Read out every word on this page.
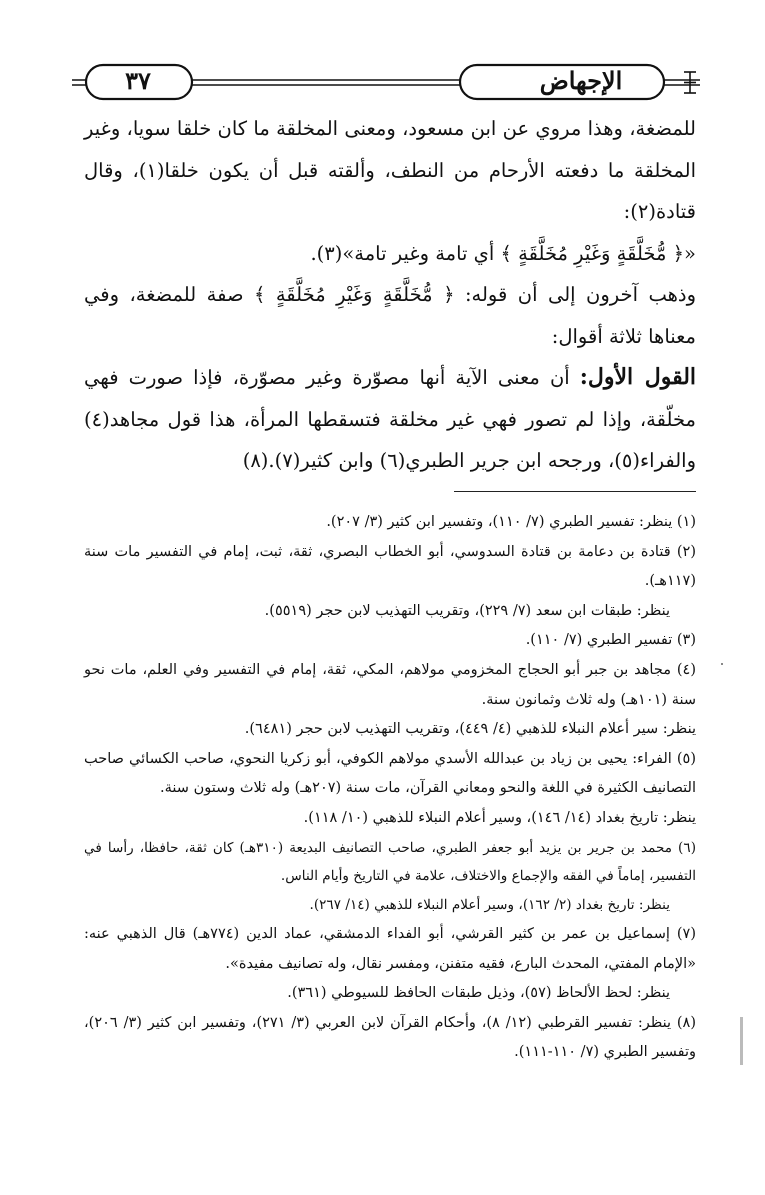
٣٧	الإجهاض

للمضغة، وهذا مروي عن ابن مسعود، ومعنى المخلقة ما كان خلقا سويا، وغير المخلقة ما دفعته الأرحام من النطف، وألقته قبل أن يكون خلقا(١)، وقال قتادة(٢):

«﴿ مُّخَلَّقَةٍ وَغَيْرِ مُخَلَّقَةٍ ﴾ أي تامة وغير تامة»(٣).

وذهب آخرون إلى أن قوله: ﴿ مُّخَلَّقَةٍ وَغَيْرِ مُخَلَّقَةٍ ﴾ صفة للمضغة، وفي معناها ثلاثة أقوال:

القول الأول: أن معنى الآية أنها مصوّرة وغير مصوّرة، فإذا صورت فهي مخلّقة، وإذا لم تصور فهي غير مخلقة فتسقطها المرأة، هذا قول مجاهد(٤) والفراء(٥)، ورجحه ابن جرير الطبري(٦) وابن كثير(٧).(٨)

(١) ينظر: تفسير الطبري (٧/ ١١٠)، وتفسير ابن كثير (٣/ ٢٠٧).

(٢) قتادة بن دعامة بن قتادة السدوسي، أبو الخطاب البصري، ثقة، ثبت، إمام في التفسير مات سنة (١١٧هـ).

ينظر: طبقات ابن سعد (٧/ ٢٢٩)، وتقريب التهذيب لابن حجر (٥٥١٩).

(٣) تفسير الطبري (٧/ ١١٠).

(٤) مجاهد بن جبر أبو الحجاج المخزومي مولاهم، المكي، ثقة، إمام في التفسير وفي العلم، مات نحو سنة (١٠١هـ) وله ثلاث وثمانون سنة.

ينظر: سير أعلام النبلاء للذهبي (٤/ ٤٤٩)، وتقريب التهذيب لابن حجر (٦٤٨١).

(٥) الفراء: يحيى بن زياد بن عبدالله الأسدي مولاهم الكوفي، أبو زكريا النحوي، صاحب الكسائي صاحب التصانيف الكثيرة في اللغة والنحو ومعاني القرآن، مات سنة (٢٠٧هـ) وله ثلاث وستون سنة.

ينظر: تاريخ بغداد (١٤/ ١٤٦)، وسير أعلام النبلاء للذهبي (١٠/ ١١٨).

(٦) محمد بن جرير بن يزيد أبو جعفر الطبري، صاحب التصانيف البديعة (٣١٠هـ) كان ثقة، حافظا، رأسا في التفسير، إماماً في الفقه والإجماع والاختلاف، علامة في التاريخ وأيام الناس.

ينظر: تاريخ بغداد (٢/ ١٦٢)، وسير أعلام النبلاء للذهبي (١٤/ ٢٦٧).

(٧) إسماعيل بن عمر بن كثير القرشي، أبو الفداء الدمشقي، عماد الدين (٧٧٤هـ) قال الذهبي عنه: «الإمام المفتي، المحدث البارع، فقيه متفنن، ومفسر نقال، وله تصانيف مفيدة».

ينظر: لحظ الألحاظ (٥٧)، وذيل طبقات الحافظ للسيوطي (٣٦١).

(٨) ينظر: تفسير القرطبي (١٢/ ٨)، وأحكام القرآن لابن العربي (٣/ ٢٧١)، وتفسير ابن كثير (٣/ ٢٠٦)، وتفسير الطبري (٧/ ١١٠-١١١).
